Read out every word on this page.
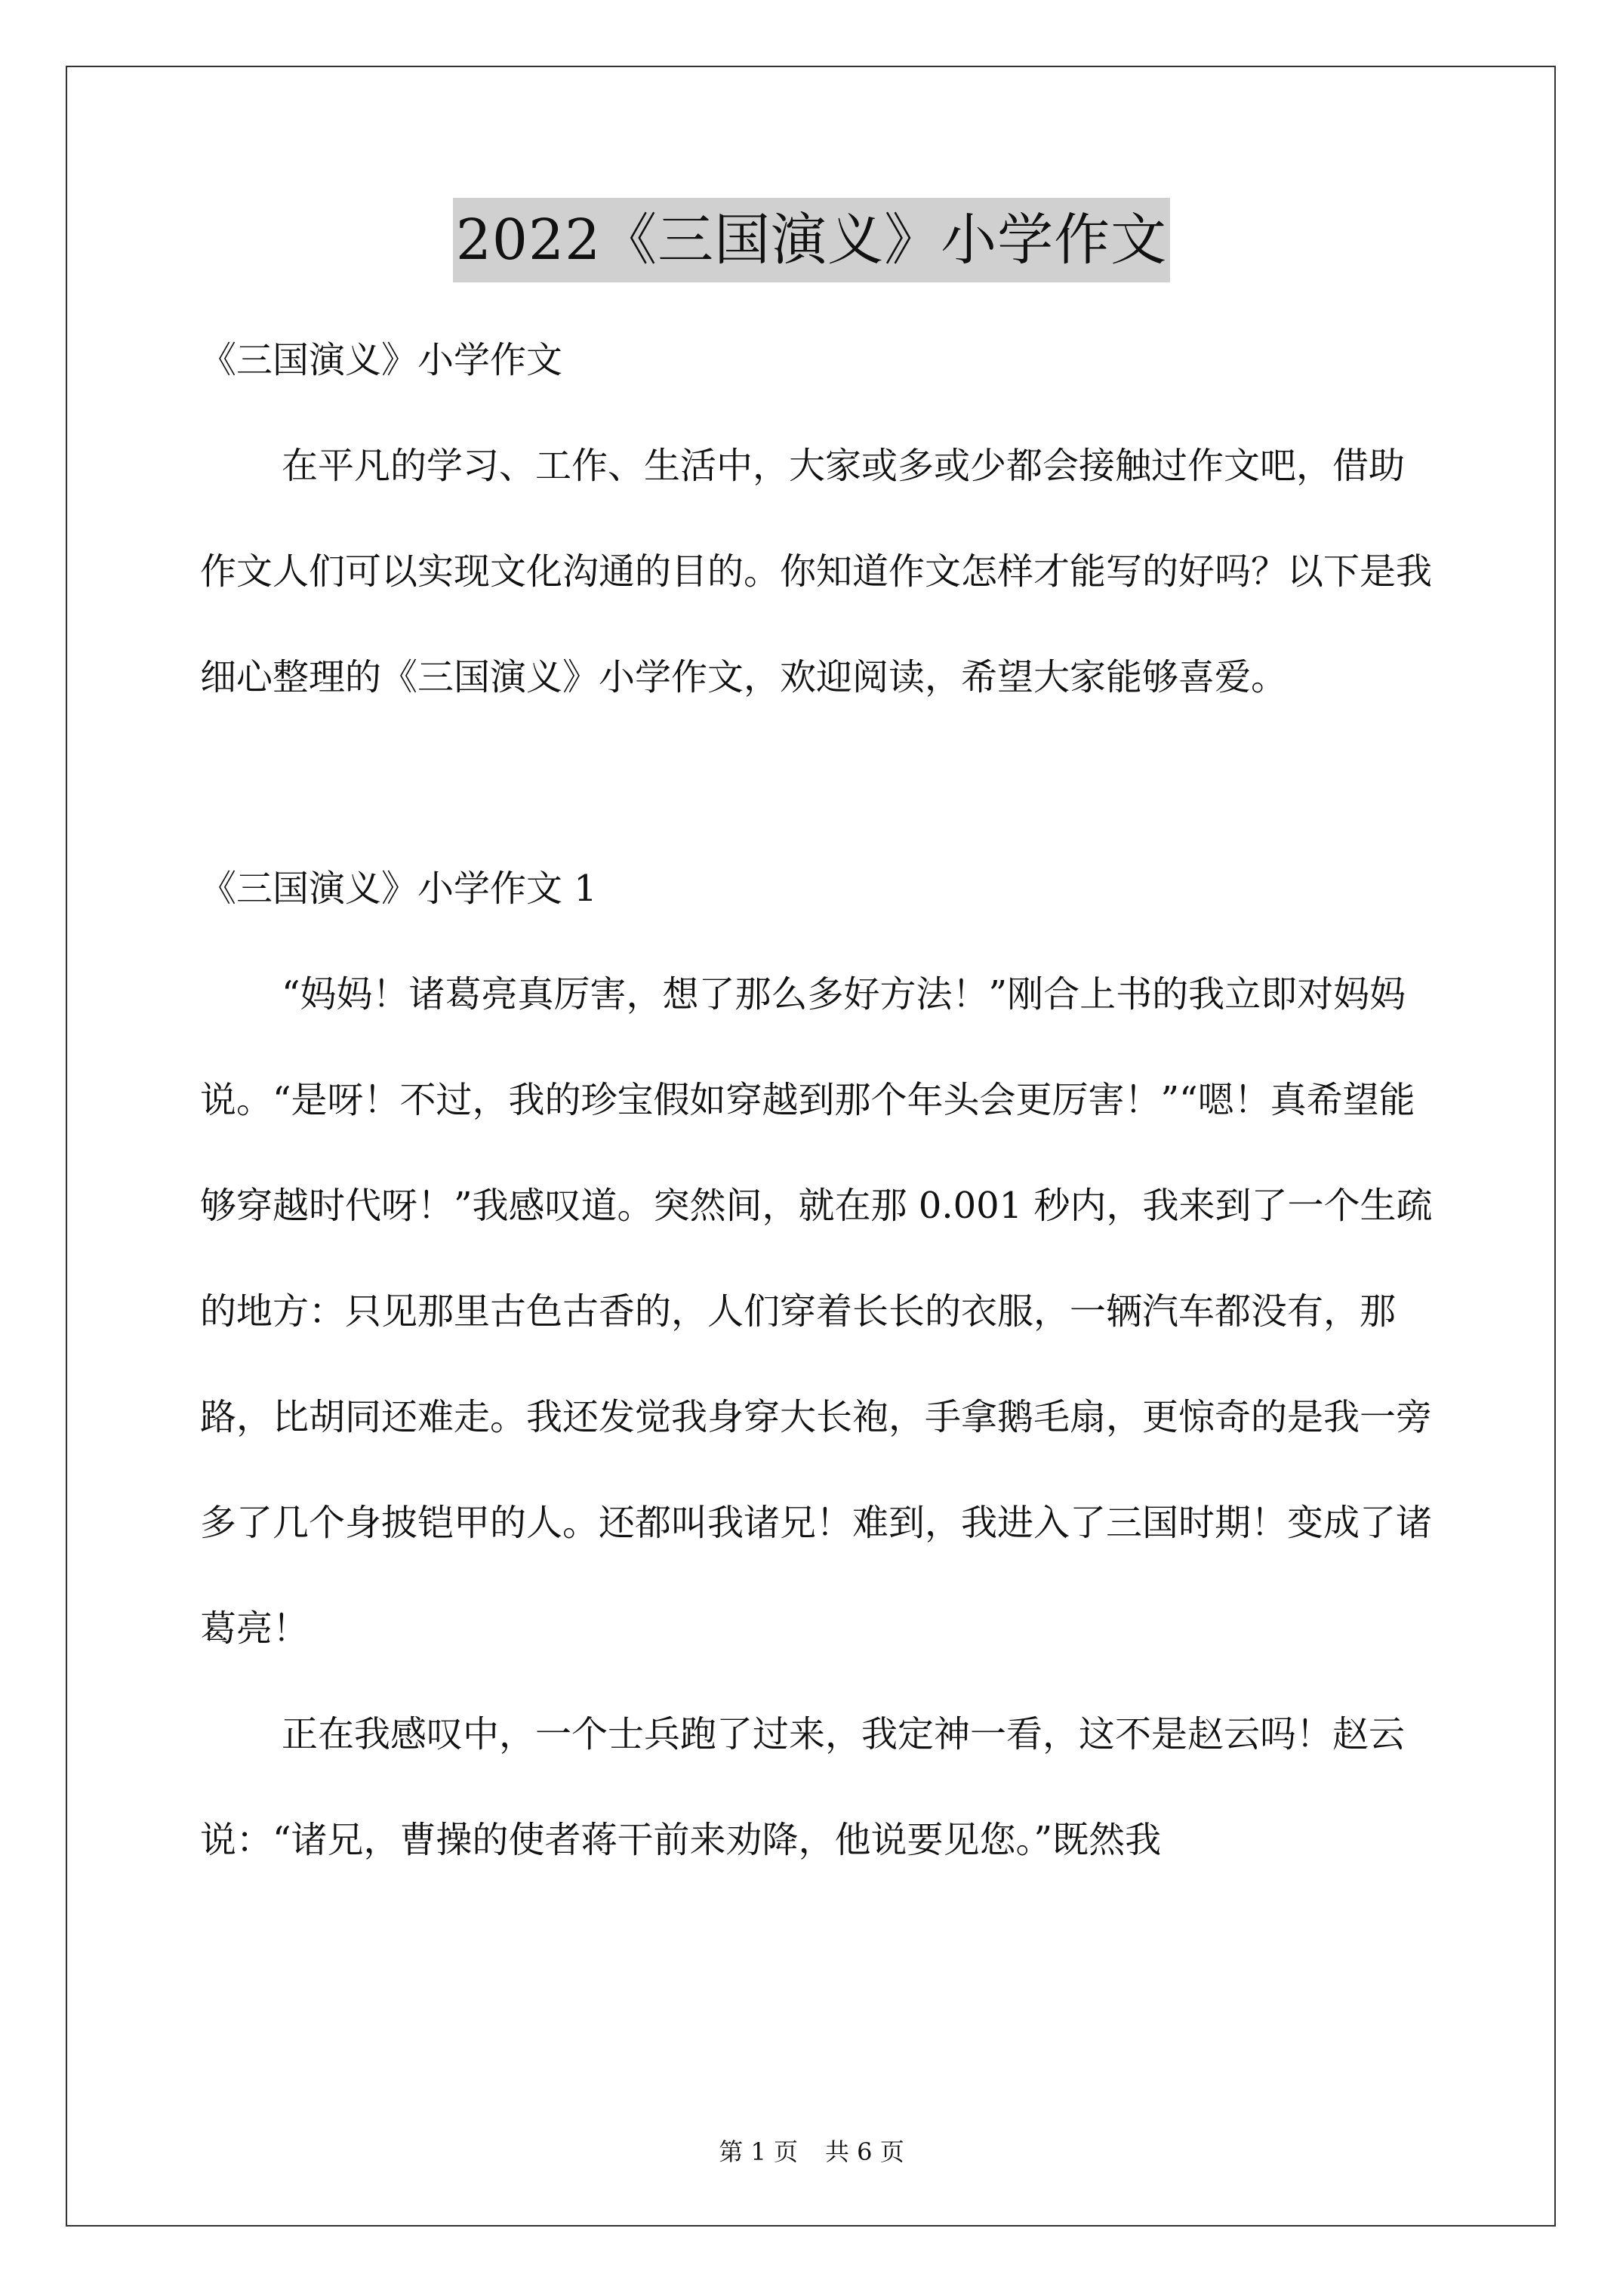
2022《三国演义》小学作文

《三国演义》小学作文

在平凡的学习、工作、生活中，大家或多或少都会接触过作文吧，借助作文人们可以实现文化沟通的目的。你知道作文怎样才能写的好吗？以下是我细心整理的《三国演义》小学作文，欢迎阅读，希望大家能够喜爱。

《三国演义》小学作文 1

“妈妈！诸葛亮真厉害，想了那么多好方法！”刚合上书的我立即对妈妈说。“是呀！不过，我的珍宝假如穿越到那个年头会更厉害！”“嗯！真希望能够穿越时代呀！”我感叹道。突然间，就在那 0.001 秒内，我来到了一个生疏的地方：只见那里古色古香的，人们穿着长长的衣服，一辆汽车都没有，那路，比胡同还难走。我还发觉我身穿大长袍，手拿鹅毛扇，更惊奇的是我一旁多了几个身披铠甲的人。还都叫我诸兄！难到，我进入了三国时期！变成了诸葛亮！

正在我感叹中，一个士兵跑了过来，我定神一看，这不是赵云吗！赵云说：“诸兄，曹操的使者蒋干前来劝降，他说要见您。”既然我

第 1 页 共 6 页
